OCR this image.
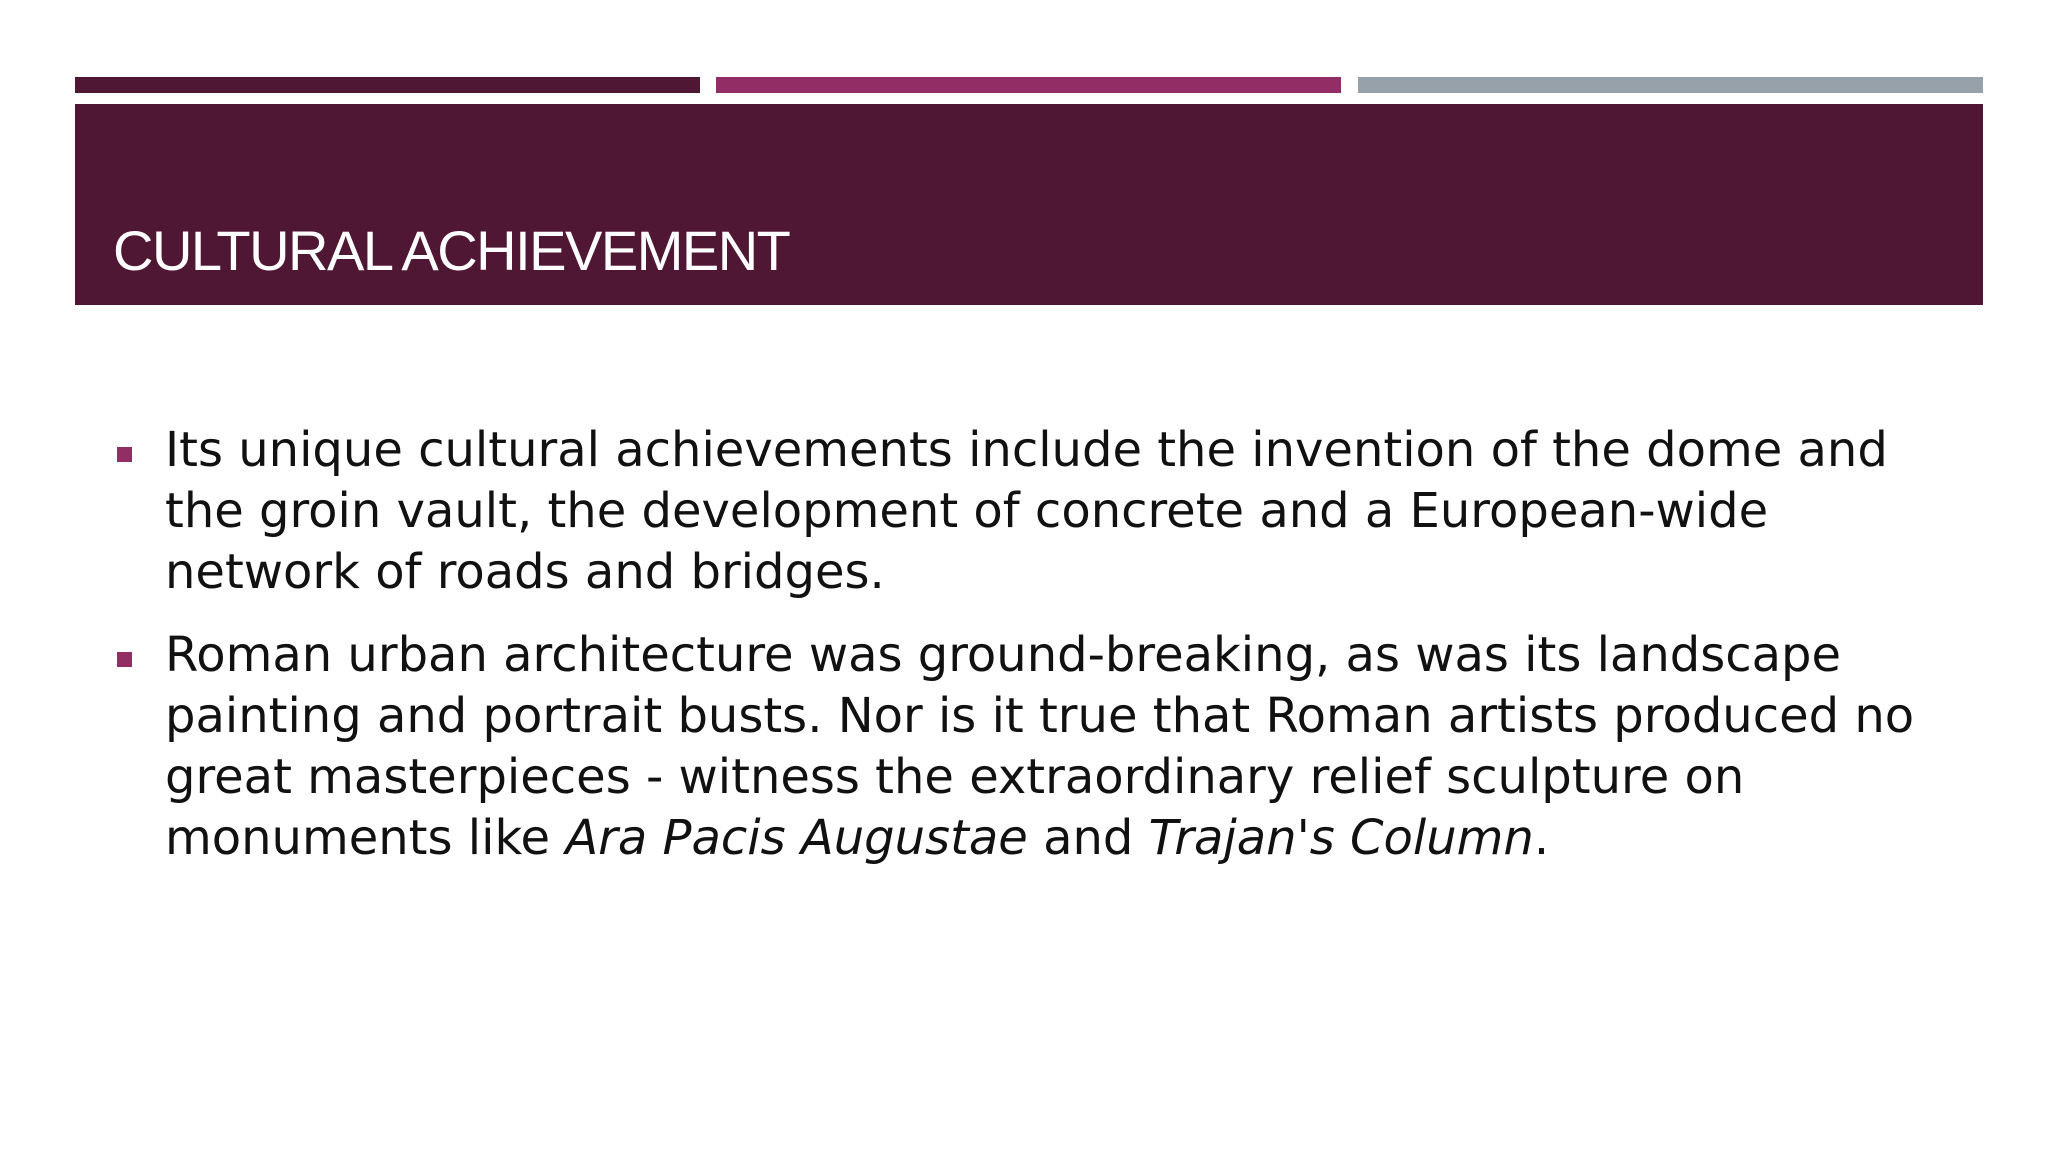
CULTURAL ACHIEVEMENT
Its unique cultural achievements include the invention of the dome and the groin vault, the development of concrete and a European-wide network of roads and bridges.
Roman urban architecture was ground-breaking, as was its landscape painting and portrait busts. Nor is it true that Roman artists produced no great masterpieces - witness the extraordinary relief sculpture on monuments like Ara Pacis Augustae and Trajan's Column.
